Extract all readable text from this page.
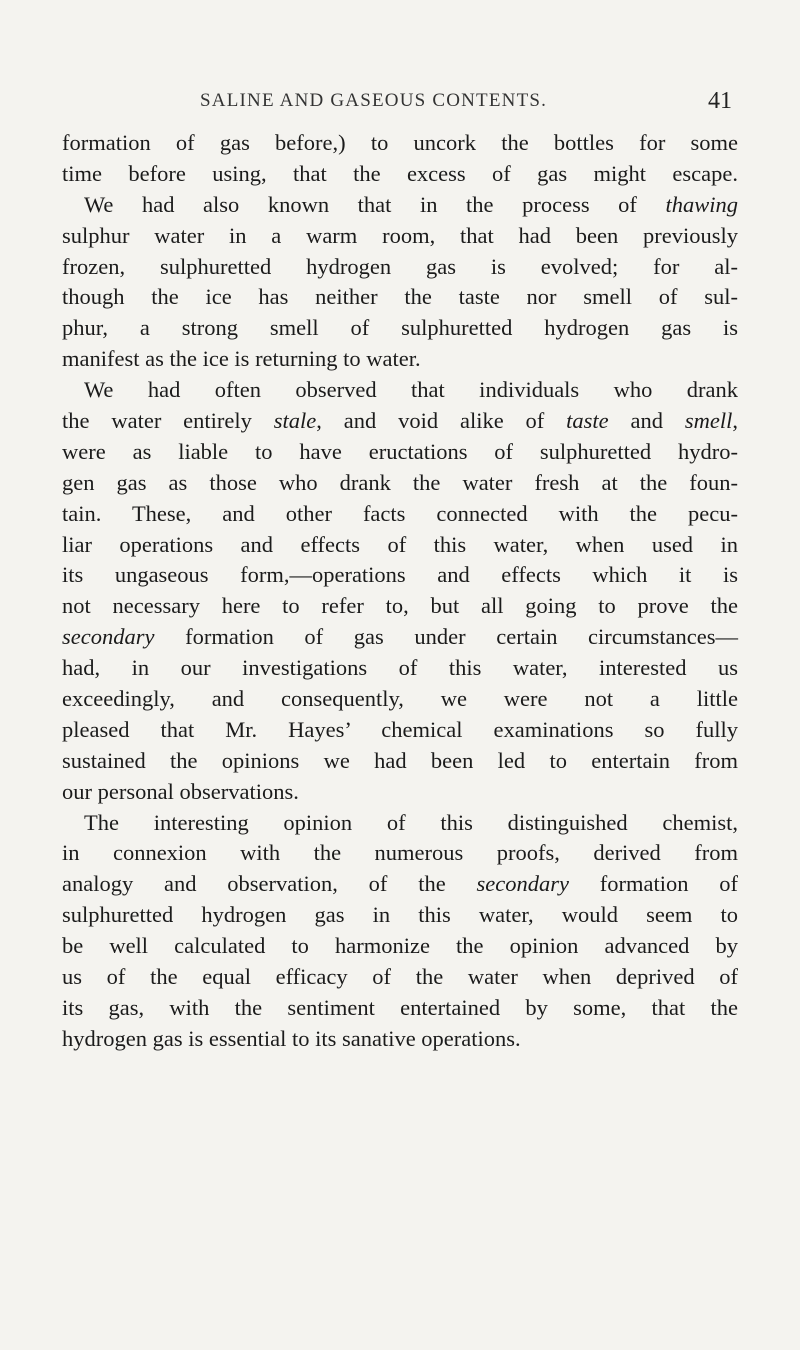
SALINE AND GASEOUS CONTENTS.	41
formation of gas before,) to uncork the bottles for some
time before using, that the excess of gas might escape.
We had also known that in the process of thawing
sulphur water in a warm room, that had been previously
frozen, sulphuretted hydrogen gas is evolved; for al-
though the ice has neither the taste nor smell of sul-
phur, a strong smell of sulphuretted hydrogen gas is
manifest as the ice is returning to water.
We had often observed that individuals who drank
the water entirely stale, and void alike of taste and smell,
were as liable to have eructations of sulphuretted hydro-
gen gas as those who drank the water fresh at the foun-
tain. These, and other facts connected with the pecu-
liar operations and effects of this water, when used in
its ungaseous form,—operations and effects which it is
not necessary here to refer to, but all going to prove the
secondary formation of gas under certain circumstances—
had, in our investigations of this water, interested us
exceedingly, and consequently, we were not a little
pleased that Mr. Hayes’ chemical examinations so fully
sustained the opinions we had been led to entertain from
our personal observations.
The interesting opinion of this distinguished chemist,
in connexion with the numerous proofs, derived from
analogy and observation, of the secondary formation of
sulphuretted hydrogen gas in this water, would seem to
be well calculated to harmonize the opinion advanced by
us of the equal efficacy of the water when deprived of
its gas, with the sentiment entertained by some, that the
hydrogen gas is essential to its sanative operations.
